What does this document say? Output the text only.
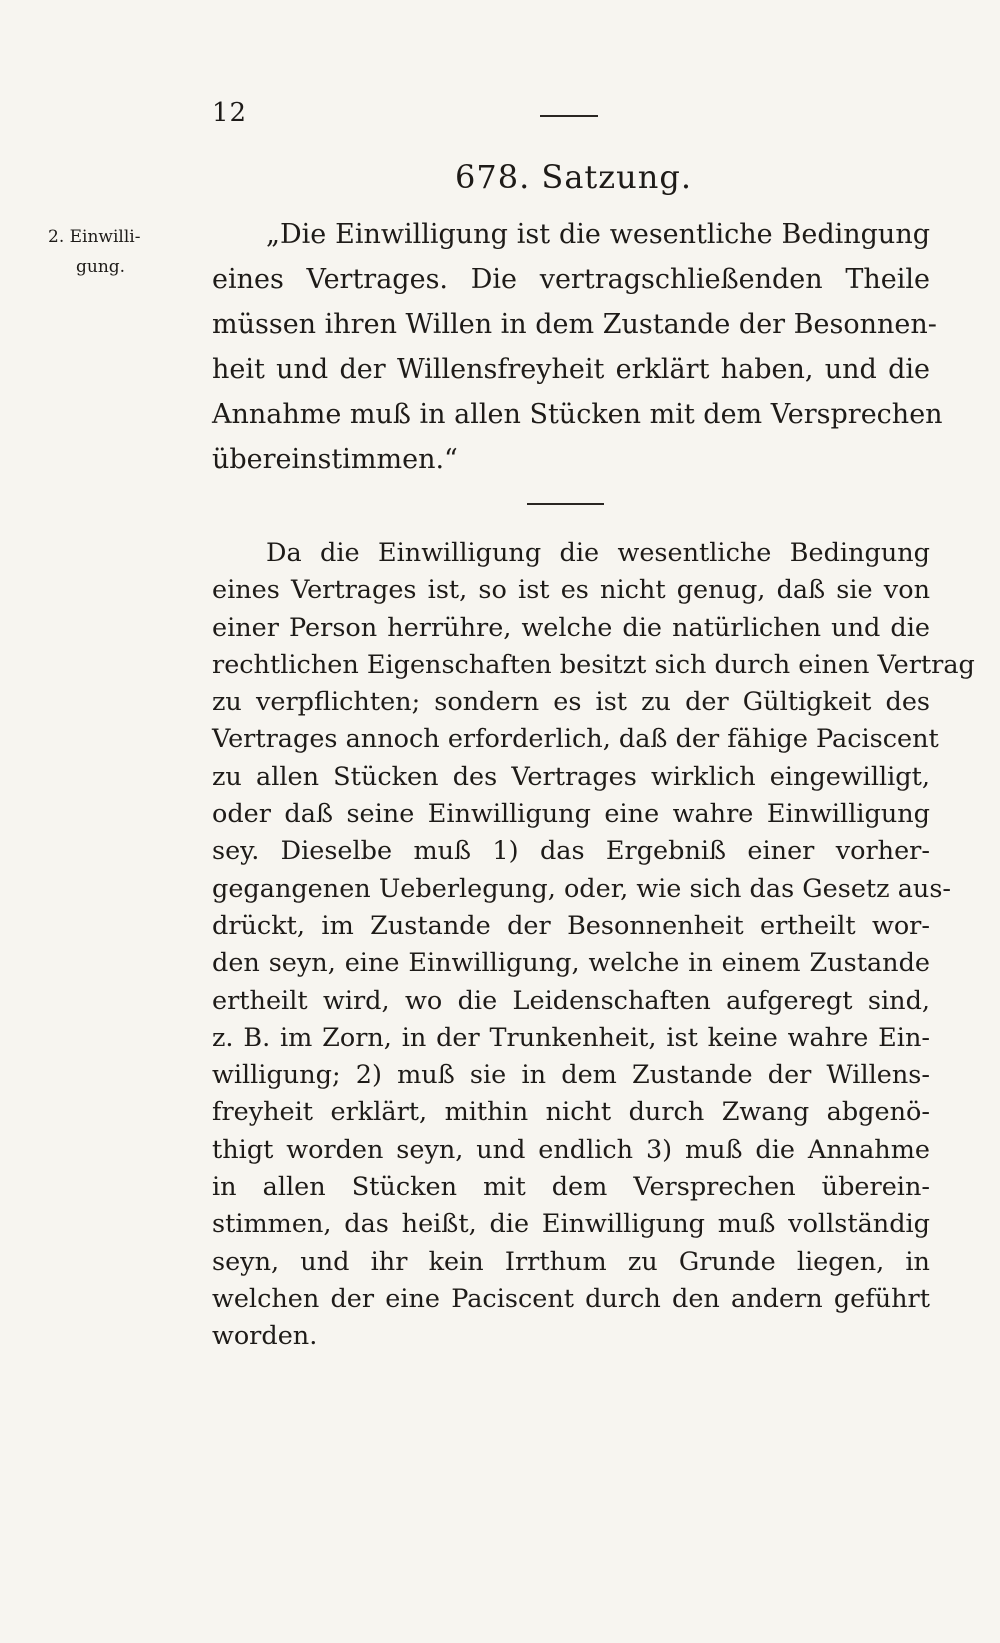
12
678. Satzung.
2. Einwilli-
gung.
„Die Einwilligung ist die wesentliche Bedingung
eines Vertrages. Die vertragschließenden Theile
müssen ihren Willen in dem Zustande der Besonnen-
heit und der Willensfreyheit erklärt haben, und die
Annahme muß in allen Stücken mit dem Versprechen
übereinstimmen.“
Da die Einwilligung die wesentliche Bedingung
eines Vertrages ist, so ist es nicht genug, daß sie von
einer Person herrühre, welche die natürlichen und die
rechtlichen Eigenschaften besitzt sich durch einen Vertrag
zu verpflichten; sondern es ist zu der Gültigkeit des
Vertrages annoch erforderlich, daß der fähige Paciscent
zu allen Stücken des Vertrages wirklich eingewilligt,
oder daß seine Einwilligung eine wahre Einwilligung
sey. Dieselbe muß 1) das Ergebniß einer vorher-
gegangenen Ueberlegung, oder, wie sich das Gesetz aus-
drückt, im Zustande der Besonnenheit ertheilt wor-
den seyn, eine Einwilligung, welche in einem Zustande
ertheilt wird, wo die Leidenschaften aufgeregt sind,
z. B. im Zorn, in der Trunkenheit, ist keine wahre Ein-
willigung; 2) muß sie in dem Zustande der Willens-
freyheit erklärt, mithin nicht durch Zwang abgenö-
thigt worden seyn, und endlich 3) muß die Annahme
in allen Stücken mit dem Versprechen überein-
stimmen, das heißt, die Einwilligung muß vollständig
seyn, und ihr kein Irrthum zu Grunde liegen, in
welchen der eine Paciscent durch den andern geführt
worden.
